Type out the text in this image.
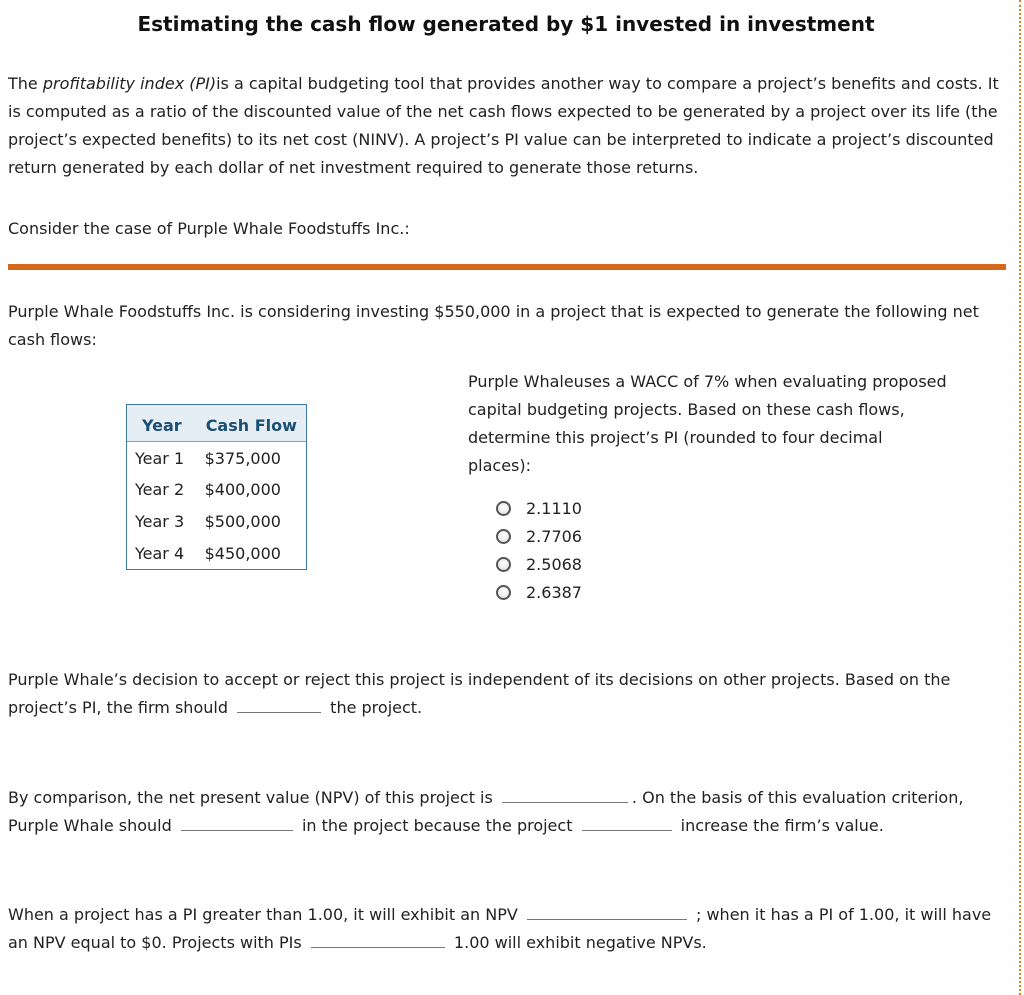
Estimating the cash flow generated by $1 invested in investment

The profitability index (PI)is a capital budgeting tool that provides another way to compare a project’s benefits and costs. It is computed as a ratio of the discounted value of the net cash flows expected to be generated by a project over its life (the project’s expected benefits) to its net cost (NINV). A project’s PI value can be interpreted to indicate a project’s discounted return generated by each dollar of net investment required to generate those returns.

Consider the case of Purple Whale Foodstuffs Inc.:

Purple Whale Foodstuffs Inc. is considering investing $550,000 in a project that is expected to generate the following net cash flows:

Year	Cash Flow
Year 1	$375,000
Year 2	$400,000
Year 3	$500,000
Year 4	$450,000

Purple Whaleuses a WACC of 7% when evaluating proposed capital budgeting projects. Based on these cash flows, determine this project’s PI (rounded to four decimal places):

2.1110
2.7706
2.5068
2.6387

Purple Whale’s decision to accept or reject this project is independent of its decisions on other projects. Based on the project’s PI, the firm should	the project.

By comparison, the net present value (NPV) of this project is	. On the basis of this evaluation criterion, Purple Whale should	in the project because the project	increase the firm’s value.

When a project has a PI greater than 1.00, it will exhibit an NPV	; when it has a PI of 1.00, it will have an NPV equal to $0. Projects with PIs	1.00 will exhibit negative NPVs.
